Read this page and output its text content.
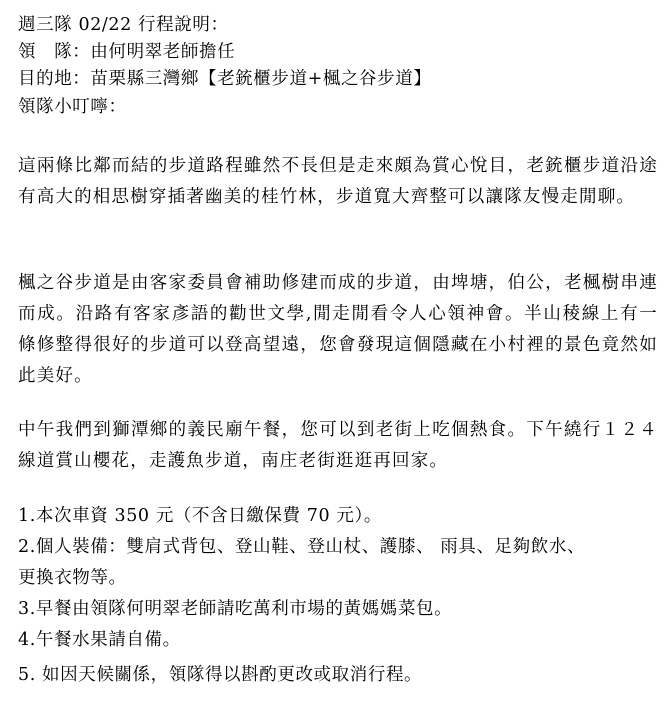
週三隊 02/22 行程說明：
領　隊：由何明翠老師擔任
目的地：苗栗縣三灣鄉【老銃櫃步道+楓之谷步道】
領隊小叮嚀：
這兩條比鄰而結的步道路程雖然不長但是走來頗為賞心悅目，老銃櫃步道沿途有高大的相思樹穿插著幽美的桂竹林，步道寬大齊整可以讓隊友慢走閒聊。
楓之谷步道是由客家委員會補助修建而成的步道，由埤塘，伯公，老楓樹串連而成。沿路有客家彥語的勸世文學,閒走閒看令人心領神會。半山稜線上有一條修整得很好的步道可以登高望遠，您會發現這個隱藏在小村裡的景色竟然如此美好。
中午我們到獅潭鄉的義民廟午餐，您可以到老街上吃個熱食。下午繞行１２４線道賞山櫻花，走護魚步道，南庄老街逛逛再回家。
1.本次車資 350 元（不含日繳保費 70 元）。
2.個人裝備：雙肩式背包、登山鞋、登山杖、護膝、 雨具、足夠飲水、
更換衣物等。
3.早餐由領隊何明翠老師請吃萬利市場的黃媽媽菜包。
4.午餐水果請自備。
5. 如因天候關係，領隊得以斟酌更改或取消行程。
